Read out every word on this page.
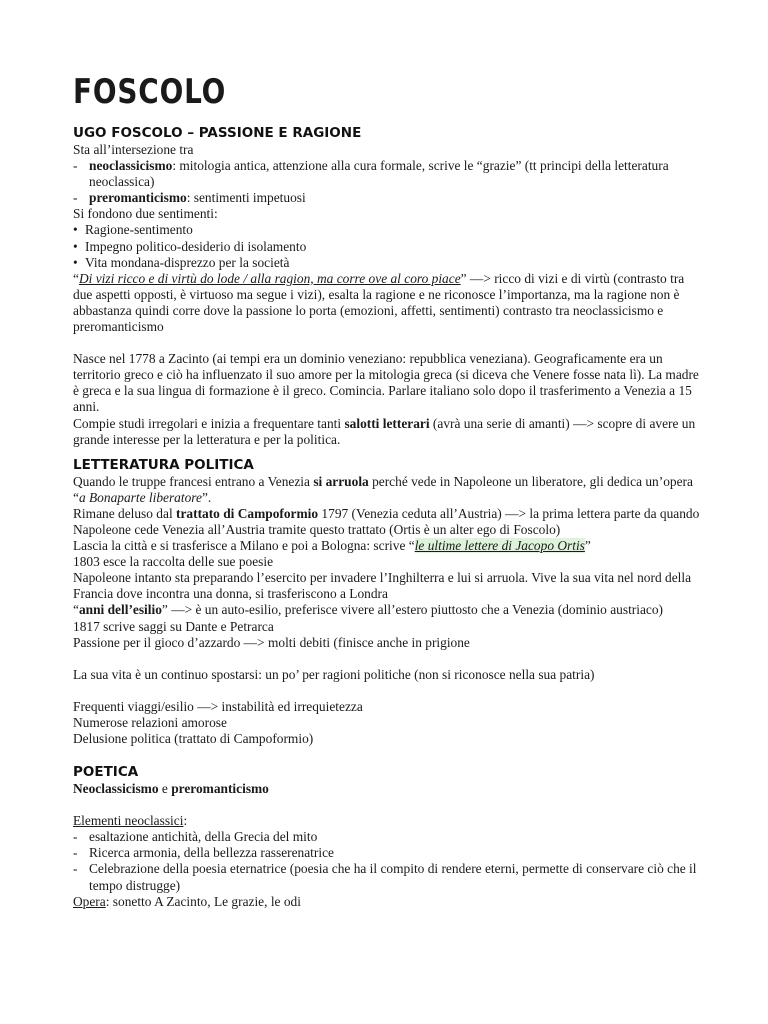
FOSCOLO
UGO FOSCOLO – PASSIONE E RAGIONE

Sta all’intersezione tra

- neoclassicismo: mitologia antica, attenzione alla cura formale, scrive le “grazie” (tt principi della letteratura neoclassica)
- preromanticismo: sentimenti impetuosi

Si fondono due sentimenti:

• Ragione-sentimento
• Impegno politico-desiderio di isolamento
• Vita mondana-disprezzo per la società

“Di vizi ricco e di virtù do lode / alla ragion, ma corre ove al coro piace” —> ricco di vizi e di virtù (contrasto tra due aspetti opposti, è virtuoso ma segue i vizi), esalta la ragione e ne riconosce l’importanza, ma la ragione non è abbastanza quindi corre dove la passione lo porta (emozioni, affetti, sentimenti) contrasto tra neoclassicismo e preromanticismo

Nasce nel 1778 a Zacinto (ai tempi era un dominio veneziano: repubblica veneziana). Geograficamente era un territorio greco e ciò ha influenzato il suo amore per la mitologia greca (si diceva che Venere fosse nata lì). La madre è greca e la sua lingua di formazione è il greco. Comincia. Parlare italiano solo dopo il trasferimento a Venezia a 15 anni.

Compie studi irregolari e inizia a frequentare tanti salotti letterari (avrà una serie di amanti) —> scopre di avere un grande interesse per la letteratura e per la politica.

LETTERATURA POLITICA

Quando le truppe francesi entrano a Venezia si arruola perché vede in Napoleone un liberatore, gli dedica un’opera “a Bonaparte liberatore”.

Rimane deluso dal trattato di Campoformio 1797 (Venezia ceduta all’Austria) —> la prima lettera parte da quando Napoleone cede Venezia all’Austria tramite questo trattato (Ortis è un alter ego di Foscolo)

Lascia la città e si trasferisce a Milano e poi a Bologna: scrive “le ultime lettere di Jacopo Ortis”

1803 esce la raccolta delle sue poesie

Napoleone intanto sta preparando l’esercito per invadere l’Inghilterra e lui si arruola. Vive la sua vita nel nord della Francia dove incontra una donna, si trasferiscono a Londra

“anni dell’esilio” —> è un auto-esilio, preferisce vivere all’estero piuttosto che a Venezia (dominio austriaco)

1817 scrive saggi su Dante e Petrarca

Passione per il gioco d’azzardo —> molti debiti (finisce anche in prigione

La sua vita è un continuo spostarsi: un po’ per ragioni politiche (non si riconosce nella sua patria)

Frequenti viaggi/esilio —> instabilità ed irrequietezza

Numerose relazioni amorose

Delusione politica (trattato di Campoformio)

POETICA

Neoclassicismo e preromanticismo

Elementi neoclassici:

- esaltazione antichità, della Grecia del mito
- Ricerca armonia, della bellezza rasserenatrice
- Celebrazione della poesia eternatrice (poesia che ha il compito di rendere eterni, permette di conservare ciò che il tempo distrugge)

Opera: sonetto A Zacinto, Le grazie, le odi
